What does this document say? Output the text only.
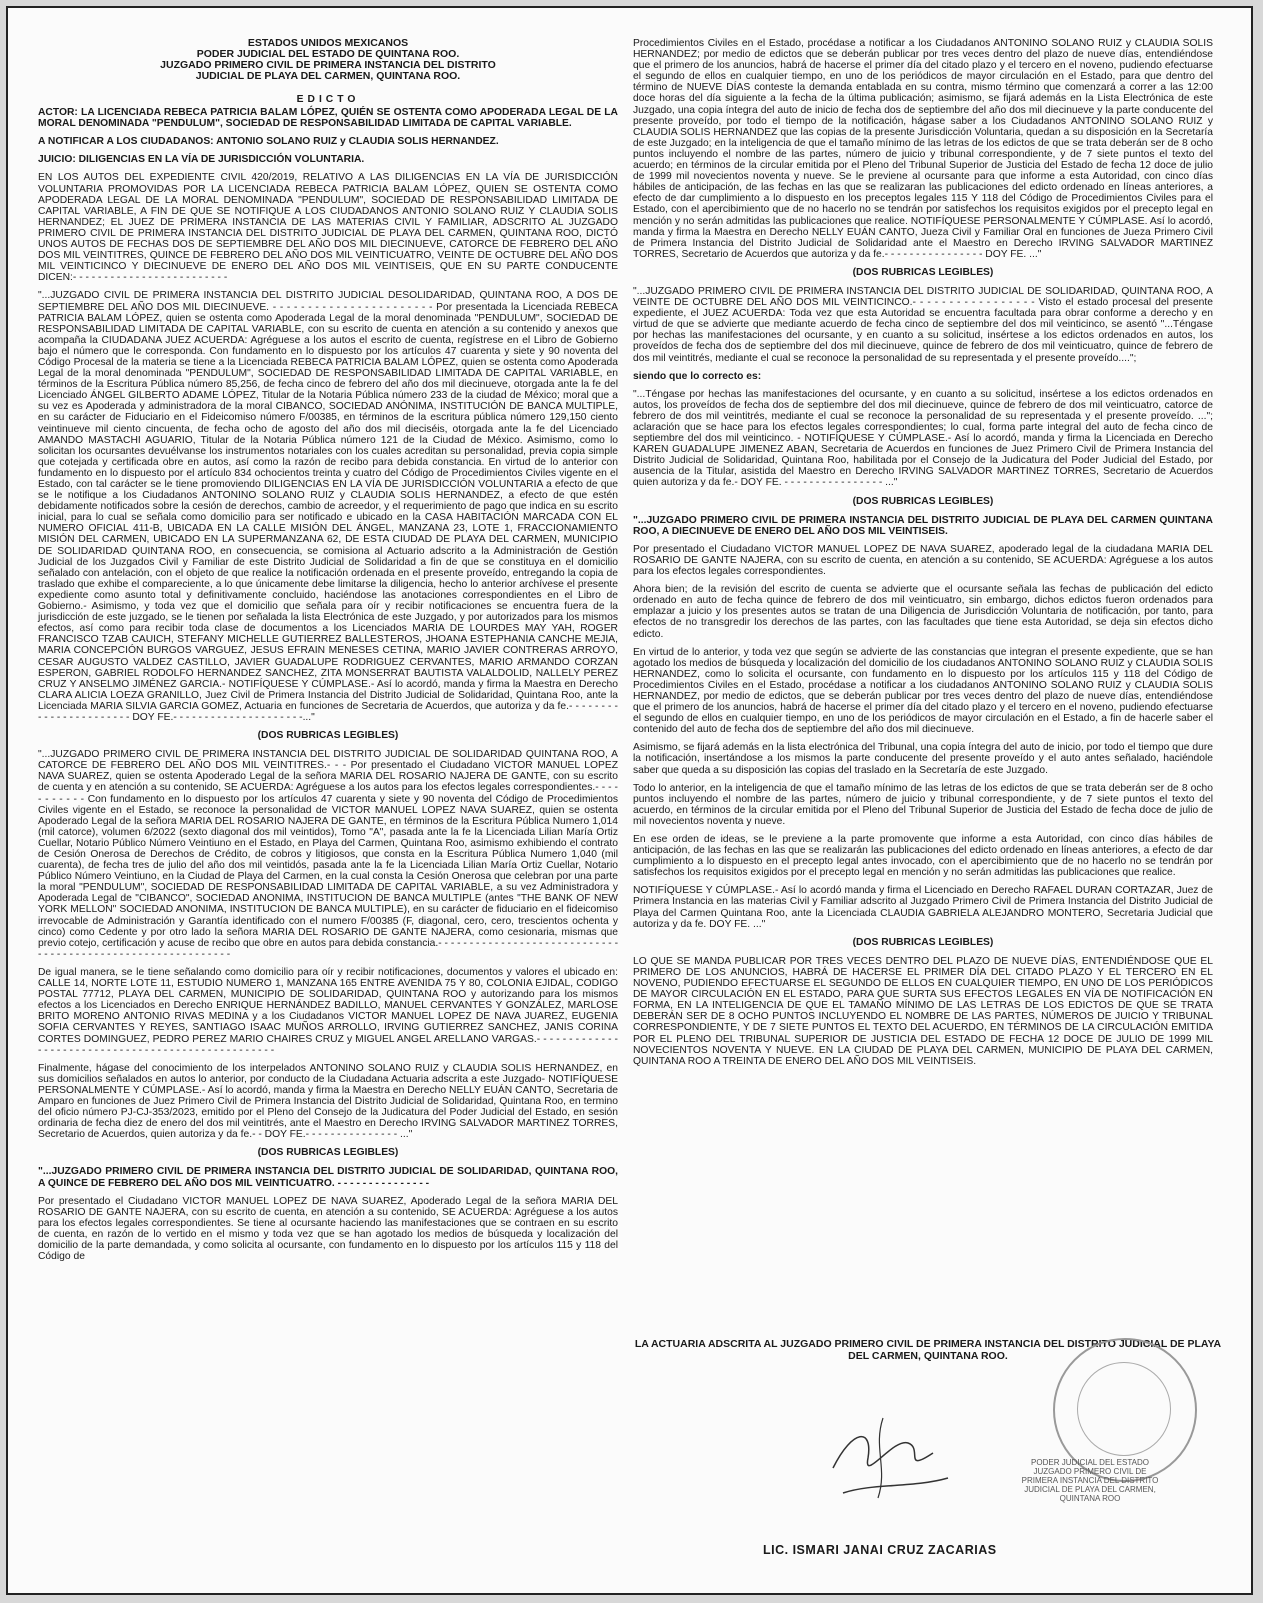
ESTADOS UNIDOS MEXICANOS

PODER JUDICIAL DEL ESTADO DE QUINTANA ROO.

JUZGADO PRIMERO CIVIL DE PRIMERA INSTANCIA DEL DISTRITO

JUDICIAL DE PLAYA DEL CARMEN, QUINTANA ROO.

EDICTO

ACTOR: LA LICENCIADA REBECA PATRICIA BALAM LÓPEZ, QUIÉN SE OSTENTA COMO APODERADA LEGAL DE LA MORAL DENOMINADA "PENDULUM", SOCIEDAD DE RESPONSABILIDAD LIMITADA DE CAPITAL VARIABLE.

A NOTIFICAR A LOS CIUDADANOS: ANTONIO SOLANO RUIZ y CLAUDIA SOLIS HERNANDEZ.

JUICIO: DILIGENCIAS EN LA VÍA DE JURISDICCIÓN VOLUNTARIA.

EN LOS AUTOS DEL EXPEDIENTE CIVIL 420/2019, RELATIVO A LAS DILIGENCIAS EN LA VÍA DE JURISDICCIÓN VOLUNTARIA PROMOVIDAS POR LA LICENCIADA REBECA PATRICIA BALAM LÓPEZ, QUIEN SE OSTENTA COMO APODERADA LEGAL DE LA MORAL DENOMINADA "PENDULUM", SOCIEDAD DE RESPONSABILIDAD LIMITADA DE CAPITAL VARIABLE, A FIN DE QUE SE NOTIFIQUE A LOS CIUDADANOS ANTONIO SOLANO RUIZ Y CLAUDIA SOLIS HERNANDEZ; EL JUEZ DE PRIMERA INSTANCIA DE LAS MATERIAS CIVIL Y FAMILIAR, ADSCRITO AL JUZGADO PRIMERO CIVIL DE PRIMERA INSTANCIA DEL DISTRITO JUDICIAL DE PLAYA DEL CARMEN, QUINTANA ROO, DICTÓ UNOS AUTOS DE FECHAS DOS DE SEPTIEMBRE DEL AÑO DOS MIL DIECINUEVE, CATORCE DE FEBRERO DEL AÑO DOS MIL VEINTITRES, QUINCE DE FEBRERO DEL AÑO DOS MIL VEINTICUATRO, VEINTE DE OCTUBRE DEL AÑO DOS MIL VEINTICINCO Y DIECINUEVE DE ENERO DEL AÑO DOS MIL VEINTISEIS, QUE EN SU PARTE CONDUCENTE DICEN:- - - - - - - - - - - - - - - - - - - - - - - - -

"...JUZGADO CIVIL DE PRIMERA INSTANCIA DEL DISTRITO JUDICIAL DESOLIDARIDAD, QUINTANA ROO, A DOS DE SEPTIEMBRE DEL AÑO DOS MIL DIECINUEVE. - - - - - - - - - - - - - - - - - - - - - - - Por presentada la Licenciada REBECA PATRICIA BALAM LÓPEZ, quien se ostenta como Apoderada Legal de la moral denominada "PENDULUM", SOCIEDAD DE RESPONSABILIDAD LIMITADA DE CAPITAL VARIABLE, con su escrito de cuenta en atención a su contenido y anexos que acompaña la CIUDADANA JUEZ ACUERDA: Agréguese a los autos el escrito de cuenta, regístrese en el Libro de Gobierno bajo el número que le corresponda. Con fundamento en lo dispuesto por los artículos 47 cuarenta y siete y 90 noventa del Código Procesal de la materia se tiene a la Licenciada REBECA PATRICIA BALAM LÓPEZ, quien se ostenta como Apoderada Legal de la moral denominada "PENDULUM", SOCIEDAD DE RESPONSABILIDAD LIMITADA DE CAPITAL VARIABLE, en términos de la Escritura Pública número 85,256, de fecha cinco de febrero del año dos mil diecinueve, otorgada ante la fe del Licenciado ÁNGEL GILBERTO ADAME LÓPEZ, Titular de la Notaria Pública número 233 de la ciudad de México; moral que a su vez es Apoderada y administradora de la moral CIBANCO, SOCIEDAD ANÓNIMA, INSTITUCIÓN DE BANCA MULTIPLE, en su carácter de Fiduciario en el Fideicomiso número F/00385, en términos de la escritura pública número 129,150 ciento veintinueve mil ciento cincuenta, de fecha ocho de agosto del año dos mil dieciséis, otorgada ante la fe del Licenciado AMANDO MASTACHI AGUARIO, Titular de la Notaria Pública número 121 de la Ciudad de México. Asimismo, como lo solicitan los ocursantes devuélvanse los instrumentos notariales con los cuales acreditan su personalidad, previa copia simple que cotejada y certificada obre en autos, así como la razón de recibo para debida constancia. En virtud de lo anterior con fundamento en lo dispuesto por el artículo 834 ochocientos treinta y cuatro del Código de Procedimientos Civiles vigente en el Estado, con tal carácter se le tiene promoviendo DILIGENCIAS EN LA VÍA DE JURISDICCIÓN VOLUNTARIA a efecto de que se le notifique a los Ciudadanos ANTONINO SOLANO RUIZ y CLAUDIA SOLIS HERNANDEZ, a efecto de que estén debidamente notificados sobre la cesión de derechos, cambio de acreedor, y el requerimiento de pago que indica en su escrito inicial, para lo cual se señala como domicilio para ser notificado e ubicado en la CASA HABITACIÓN MARCADA CON EL NUMERO OFICIAL 411-B, UBICADA EN LA CALLE MISIÓN DEL ÁNGEL, MANZANA 23, LOTE 1, FRACCIONAMIENTO MISIÓN DEL CARMEN, UBICADO EN LA SUPERMANZANA 62, DE ESTA CIUDAD DE PLAYA DEL CARMEN, MUNICIPIO DE SOLIDARIDAD QUINTANA ROO, en consecuencia, se comisiona al Actuario adscrito a la Administración de Gestión Judicial de los Juzgados Civil y Familiar de este Distrito Judicial de Solidaridad a fin de que se constituya en el domicilio señalado con antelación, con el objeto de que realice la notificación ordenada en el presente proveído, entregando la copia de traslado que exhibe el compareciente, a lo que únicamente debe limitarse la diligencia, hecho lo anterior archívese el presente expediente como asunto total y definitivamente concluido, haciéndose las anotaciones correspondientes en el Libro de Gobierno.- Asimismo, y toda vez que el domicilio que señala para oír y recibir notificaciones se encuentra fuera de la jurisdicción de este juzgado, se le tienen por señalada la lista Electrónica de este Juzgado, y por autorizados para los mismos efectos, así como para recibir toda clase de documentos a los Licenciados MARIA DE LOURDES MAY YAH, ROGER FRANCISCO TZAB CAUICH, STEFANY MICHELLE GUTIERREZ BALLESTEROS, JHOANA ESTEPHANIA CANCHE MEJIA, MARIA CONCEPCIÓN BURGOS VARGUEZ, JESUS EFRAIN MENESES CETINA, MARIO JAVIER CONTRERAS ARROYO, CESAR AUGUSTO VALDEZ CASTILLO, JAVIER GUADALUPE RODRIGUEZ CERVANTES, MARIO ARMANDO CORZAN ESPERON, GABRIEL RODOLFO HERNANDEZ SANCHEZ, ZITA MONSERRAT BAUTISTA VALALDOLID, NALLELY PEREZ CRUZ Y ANSELMO JIMÉNEZ GARCIA.- NOTIFÍQUESE Y CÚMPLASE.- Así lo acordó, manda y firma la Maestra en Derecho CLARA ALICIA LOEZA GRANILLO, Juez Civil de Primera Instancia del Distrito Judicial de Solidaridad, Quintana Roo, ante la Licenciada MARIA SILVIA GARCIA GOMEZ, Actuaria en funciones de Secretaria de Acuerdos, que autoriza y da fe.- - - - - - - - - - - - - - - - - - - - - - - DOY FE.- - - - - - - - - - - - - - - - - - - - -..."

(DOS RUBRICAS LEGIBLES)

"...JUZGADO PRIMERO CIVIL DE PRIMERA INSTANCIA DEL DISTRITO JUDICIAL DE SOLIDARIDAD QUINTANA ROO, A CATORCE DE FEBRERO DEL AÑO DOS MIL VEINTITRES.- - - Por presentado el Ciudadano VICTOR MANUEL LOPEZ NAVA SUAREZ, quien se ostenta Apoderado Legal de la señora MARIA DEL ROSARIO NAJERA DE GANTE, con su escrito de cuenta y en atención a su contenido, SE ACUERDA: Agréguese a los autos para los efectos legales correspondientes.- - - - - - - - - - - Con fundamento en lo dispuesto por los artículos 47 cuarenta y siete y 90 noventa del Código de Procedimientos Civiles vigente en el Estado, se reconoce la personalidad de VICTOR MANUEL LOPEZ NAVA SUAREZ, quien se ostenta Apoderado Legal de la señora MARIA DEL ROSARIO NAJERA DE GANTE, en términos de la Escritura Pública Numero 1,014 (mil catorce), volumen 6/2022 (sexto diagonal dos mil veintidos), Tomo "A", pasada ante la fe la Licenciada Lilian María Ortiz Cuellar, Notario Público Número Veintiuno en el Estado, en Playa del Carmen, Quintana Roo, asimismo exhibiendo el contrato de Cesión Onerosa de Derechos de Crédito, de cobros y litigiosos, que consta en la Escritura Pública Numero 1,040 (mil cuarenta), de fecha tres de julio del año dos mil veintidós, pasada ante la fe la Licenciada Lilian María Ortiz Cuellar, Notario Público Número Veintiuno, en la Ciudad de Playa del Carmen, en la cual consta la Cesión Onerosa que celebran por una parte la moral "PENDULUM", SOCIEDAD DE RESPONSABILIDAD LIMITADA DE CAPITAL VARIABLE, a su vez Administradora y Apoderada Legal de "CIBANCO", SOCIEDAD ANONIMA, INSTITUCION DE BANCA MULTIPLE (antes "THE BANK OF NEW YORK MELLON" SOCIEDAD ANONIMA, INSTITUCION DE BANCA MULTIPLE), en su carácter de fiduciario en el fideicomiso irrevocable de Administración y Garantía identificado con el numero F/00385 (F, diagonal, cero, cero, trescientos ochenta y cinco) como Cedente y por otro lado la señora MARIA DEL ROSARIO DE GANTE NAJERA, como cesionaria, mismas que previo cotejo, certificación y acuse de recibo que obre en autos para debida constancia.- - - - - - - - - - - - - - - - - - - - - - - - - - - - - - - - - - - - - - - - - - - - - - - - - - - - - - - - - - - -

De igual manera, se le tiene señalando como domicilio para oír y recibir notificaciones, documentos y valores el ubicado en: CALLE 14, NORTE LOTE 11, ESTUDIO NUMERO 1, MANZANA 165 ENTRE AVENIDA 75 Y 80, COLONIA EJIDAL, CODIGO POSTAL 77712, PLAYA DEL CARMEN, MUNICIPIO DE SOLIDARIDAD, QUINTANA ROO y autorizando para los mismos efectos a los Licenciados en Derecho ENRIQUE HERNÁNDEZ BADILLO, MANUEL CERVANTES Y GONZÁLEZ, MARLOSE BRITO MORENO ANTONIO RIVAS MEDINA y a los Ciudadanos VICTOR MANUEL LOPEZ DE NAVA JUAREZ, EUGENIA SOFIA CERVANTES Y REYES, SANTIAGO ISAAC MUÑOS ARROLLO, IRVING GUTIERREZ SANCHEZ, JANIS CORINA CORTES DOMINGUEZ, PEDRO PEREZ MARIO CHAIRES CRUZ y MIGUEL ANGEL ARELLANO VARGAS.- - - - - - - - - - - - - - - - - - - - - - - - - - - - - - - - - - - - - - - - - - - - - - - - - - -

Finalmente, hágase del conocimiento de los interpelados ANTONINO SOLANO RUIZ y CLAUDIA SOLIS HERNANDEZ, en sus domicilios señalados en autos lo anterior, por conducto de la Ciudadana Actuaria adscrita a este Juzgado- NOTIFÍQUESE PERSONALMENTE Y CÚMPLASE.- Así lo acordó, manda y firma la Maestra en Derecho NELLY EUÁN CANTO, Secretaria de Amparo en funciones de Juez Primero Civil de Primera Instancia del Distrito Judicial de Solidaridad, Quintana Roo, en termino del oficio número PJ-CJ-353/2023, emitido por el Pleno del Consejo de la Judicatura del Poder Judicial del Estado, en sesión ordinaria de fecha diez de enero del dos mil veintitrés, ante el Maestro en Derecho IRVING SALVADOR MARTINEZ TORRES, Secretario de Acuerdos, quien autoriza y da fe.- - DOY FE.- - - - - - - - - - - - - - - ..."

(DOS RUBRICAS LEGIBLES)

"...JUZGADO PRIMERO CIVIL DE PRIMERA INSTANCIA DEL DISTRITO JUDICIAL DE SOLIDARIDAD, QUINTANA ROO, A QUINCE DE FEBRERO DEL AÑO DOS MIL VEINTICUATRO. - - - - - - - - - - - - - - -

Por presentado el Ciudadano VICTOR MANUEL LOPEZ DE NAVA SUAREZ, Apoderado Legal de la señora MARIA DEL ROSARIO DE GANTE NAJERA, con su escrito de cuenta, en atención a su contenido, SE ACUERDA: Agréguese a los autos para los efectos legales correspondientes. Se tiene al ocursante haciendo las manifestaciones que se contraen en su escrito de cuenta, en razón de lo vertido en el mismo y toda vez que se han agotado los medios de búsqueda y localización del domicilio de la parte demandada, y como solicita al ocursante, con fundamento en lo dispuesto por los artículos 115 y 118 del Código de

Procedimientos Civiles en el Estado, procédase a notificar a los Ciudadanos ANTONINO SOLANO RUIZ y CLAUDIA SOLIS HERNANDEZ; por medio de edictos que se deberán publicar por tres veces dentro del plazo de nueve días, entendiéndose que el primero de los anuncios, habrá de hacerse el primer día del citado plazo y el tercero en el noveno, pudiendo efectuarse el segundo de ellos en cualquier tiempo, en uno de los periódicos de mayor circulación en el Estado, para que dentro del término de NUEVE DÍAS conteste la demanda entablada en su contra, mismo término que comenzará a correr a las 12:00 doce horas del día siguiente a la fecha de la última publicación; asimismo, se fijará además en la Lista Electrónica de este Juzgado, una copia íntegra del auto de inicio de fecha dos de septiembre del año dos mil diecinueve y la parte conducente del presente proveído, por todo el tiempo de la notificación, hágase saber a los Ciudadanos ANTONINO SOLANO RUIZ y CLAUDIA SOLIS HERNANDEZ que las copias de la presente Jurisdicción Voluntaria, quedan a su disposición en la Secretaría de este Juzgado; en la inteligencia de que el tamaño mínimo de las letras de los edictos de que se trata deberán ser de 8 ocho puntos incluyendo el nombre de las partes, número de juicio y tribunal correspondiente, y de 7 siete puntos el texto del acuerdo; en términos de la circular emitida por el Pleno del Tribunal Superior de Justicia del Estado de fecha 12 doce de julio de 1999 mil novecientos noventa y nueve. Se le previene al ocursante para que informe a esta Autoridad, con cinco días hábiles de anticipación, de las fechas en las que se realizaran las publicaciones del edicto ordenado en líneas anteriores, a efecto de dar cumplimiento a lo dispuesto en los preceptos legales 115 Y 118 del Código de Procedimientos Civiles para el Estado, con el apercibimiento que de no hacerlo no se tendrán por satisfechos los requisitos exigidos por el precepto legal en mención y no serán admitidas las publicaciones que realice. NOTIFÍQUESE PERSONALMENTE Y CÚMPLASE. Así lo acordó, manda y firma la Maestra en Derecho NELLY EUÁN CANTO, Jueza Civil y Familiar Oral en funciones de Jueza Primero Civil de Primera Instancia del Distrito Judicial de Solidaridad ante el Maestro en Derecho IRVING SALVADOR MARTINEZ TORRES, Secretario de Acuerdos que autoriza y da fe.- - - - - - - - - - - - - - - - DOY FE. ..."

(DOS RUBRICAS LEGIBLES)

"...JUZGADO PRIMERO CIVIL DE PRIMERA INSTANCIA DEL DISTRITO JUDICIAL DE SOLIDARIDAD, QUINTANA ROO, A VEINTE DE OCTUBRE DEL AÑO DOS MIL VEINTICINCO.- - - - - - - - - - - - - - - - - Visto el estado procesal del presente expediente, el JUEZ ACUERDA: Toda vez que esta Autoridad se encuentra facultada para obrar conforme a derecho y en virtud de que se advierte que mediante acuerdo de fecha cinco de septiembre del dos mil veinticinco, se asentó "...Téngase por hechas las manifestaciones del ocursante, y en cuanto a su solicitud, insértese a los edictos ordenados en autos, los proveídos de fecha dos de septiembre del dos mil diecinueve, quince de febrero de dos mil veinticuatro, quince de febrero de dos mil veintitrés, mediante el cual se reconoce la personalidad de su representada y el presente proveído....";

siendo que lo correcto es:

"...Téngase por hechas las manifestaciones del ocursante, y en cuanto a su solicitud, insértese a los edictos ordenados en autos, los proveídos de fecha dos de septiembre del dos mil diecinueve, quince de febrero de dos mil veinticuatro, catorce de febrero de dos mil veintitrés, mediante el cual se reconoce la personalidad de su representada y el presente proveído. ..."; aclaración que se hace para los efectos legales correspondientes; lo cual, forma parte integral del auto de fecha cinco de septiembre del dos mil veinticinco. - NOTIFÍQUESE Y CÚMPLASE.- Así lo acordó, manda y firma la Licenciada en Derecho KAREN GUADALUPE JIMENEZ ABAN, Secretaria de Acuerdos en funciones de Juez Primero Civil de Primera Instancia del Distrito Judicial de Solidaridad, Quintana Roo, habilitada por el Consejo de la Judicatura del Poder Judicial del Estado, por ausencia de la Titular, asistida del Maestro en Derecho IRVING SALVADOR MARTINEZ TORRES, Secretario de Acuerdos quien autoriza y da fe.- DOY FE. - - - - - - - - - - - - - - - - ..."

(DOS RUBRICAS LEGIBLES)

"...JUZGADO PRIMERO CIVIL DE PRIMERA INSTANCIA DEL DISTRITO JUDICIAL DE PLAYA DEL CARMEN QUINTANA ROO, A DIECINUEVE DE ENERO DEL AÑO DOS MIL VEINTISEIS.

Por presentado el Ciudadano VICTOR MANUEL LOPEZ DE NAVA SUAREZ, apoderado legal de la ciudadana MARIA DEL ROSARIO DE GANTE NAJERA, con su escrito de cuenta, en atención a su contenido, SE ACUERDA: Agréguese a los autos para los efectos legales correspondientes.

Ahora bien; de la revisión del escrito de cuenta se advierte que el ocursante señala las fechas de publicación del edicto ordenado en auto de fecha quince de febrero de dos mil veinticuatro, sin embargo, dichos edictos fueron ordenados para emplazar a juicio y los presentes autos se tratan de una Diligencia de Jurisdicción Voluntaria de notificación, por tanto, para efectos de no transgredir los derechos de las partes, con las facultades que tiene esta Autoridad, se deja sin efectos dicho edicto.

En virtud de lo anterior, y toda vez que según se advierte de las constancias que integran el presente expediente, que se han agotado los medios de búsqueda y localización del domicilio de los ciudadanos ANTONINO SOLANO RUIZ y CLAUDIA SOLIS HERNANDEZ, como lo solicita el ocursante, con fundamento en lo dispuesto por los artículos 115 y 118 del Código de Procedimientos Civiles en el Estado, procédase a notificar a los ciudadanos ANTONINO SOLANO RUIZ y CLAUDIA SOLIS HERNANDEZ, por medio de edictos, que se deberán publicar por tres veces dentro del plazo de nueve días, entendiéndose que el primero de los anuncios, habrá de hacerse el primer día del citado plazo y el tercero en el noveno, pudiendo efectuarse el segundo de ellos en cualquier tiempo, en uno de los periódicos de mayor circulación en el Estado, a fin de hacerle saber el contenido del auto de fecha dos de septiembre del año dos mil diecinueve.

Asimismo, se fijará además en la lista electrónica del Tribunal, una copia íntegra del auto de inicio, por todo el tiempo que dure la notificación, insertándose a los mismos la parte conducente del presente proveído y el auto antes señalado, haciéndole saber que queda a su disposición las copias del traslado en la Secretaría de este Juzgado.

Todo lo anterior, en la inteligencia de que el tamaño mínimo de las letras de los edictos de que se trata deberán ser de 8 ocho puntos incluyendo el nombre de las partes, número de juicio y tribunal correspondiente, y de 7 siete puntos el texto del acuerdo, en términos de la circular emitida por el Pleno del Tribunal Superior de Justicia del Estado de fecha doce de julio de mil novecientos noventa y nueve.

En ese orden de ideas, se le previene a la parte promovente que informe a esta Autoridad, con cinco días hábiles de anticipación, de las fechas en las que se realizarán las publicaciones del edicto ordenado en líneas anteriores, a efecto de dar cumplimiento a lo dispuesto en el precepto legal antes invocado, con el apercibimiento que de no hacerlo no se tendrán por satisfechos los requisitos exigidos por el precepto legal en mención y no serán admitidas las publicaciones que realice.

NOTIFÍQUESE Y CÚMPLASE.- Así lo acordó manda y firma el Licenciado en Derecho RAFAEL DURAN CORTAZAR, Juez de Primera Instancia en las materias Civil y Familiar adscrito al Juzgado Primero Civil de Primera Instancia del Distrito Judicial de Playa del Carmen Quintana Roo, ante la Licenciada CLAUDIA GABRIELA ALEJANDRO MONTERO, Secretaria Judicial que autoriza y da fe. DOY FE. ..."

(DOS RUBRICAS LEGIBLES)

LO QUE SE MANDA PUBLICAR POR TRES VECES DENTRO DEL PLAZO DE NUEVE DÍAS, ENTENDIÉNDOSE QUE EL PRIMERO DE LOS ANUNCIOS, HABRÁ DE HACERSE EL PRIMER DÍA DEL CITADO PLAZO Y EL TERCERO EN EL NOVENO, PUDIENDO EFECTUARSE EL SEGUNDO DE ELLOS EN CUALQUIER TIEMPO, EN UNO DE LOS PERIÓDICOS DE MAYOR CIRCULACIÓN EN EL ESTADO, PARA QUE SURTA SUS EFECTOS LEGALES EN VÍA DE NOTIFICACIÓN EN FORMA, EN LA INTELIGENCIA DE QUE EL TAMAÑO MÍNIMO DE LAS LETRAS DE LOS EDICTOS DE QUE SE TRATA DEBERÁN SER DE 8 OCHO PUNTOS INCLUYENDO EL NOMBRE DE LAS PARTES, NÚMEROS DE JUICIO Y TRIBUNAL CORRESPONDIENTE, Y DE 7 SIETE PUNTOS EL TEXTO DEL ACUERDO, EN TÉRMINOS DE LA CIRCULACIÓN EMITIDA POR EL PLENO DEL TRIBUNAL SUPERIOR DE JUSTICIA DEL ESTADO DE FECHA 12 DOCE DE JULIO DE 1999 MIL NOVECIENTOS NOVENTA Y NUEVE. EN LA CIUDAD DE PLAYA DEL CARMEN, MUNICIPIO DE PLAYA DEL CARMEN, QUINTANA ROO A TREINTA DE ENERO DEL AÑO DOS MIL VEINTISEIS.

LA ACTUARIA ADSCRITA AL JUZGADO PRIMERO CIVIL DE PRIMERA INSTANCIA DEL DISTRITO JUDICIAL DE PLAYA DEL CARMEN, QUINTANA ROO.

PODER JUDICIAL DEL ESTADO JUZGADO PRIMERO CIVIL DE PRIMERA INSTANCIA DEL DISTRITO JUDICIAL DE PLAYA DEL CARMEN, QUINTANA ROO
LIC. ISMARI JANAI CRUZ ZACARIAS
